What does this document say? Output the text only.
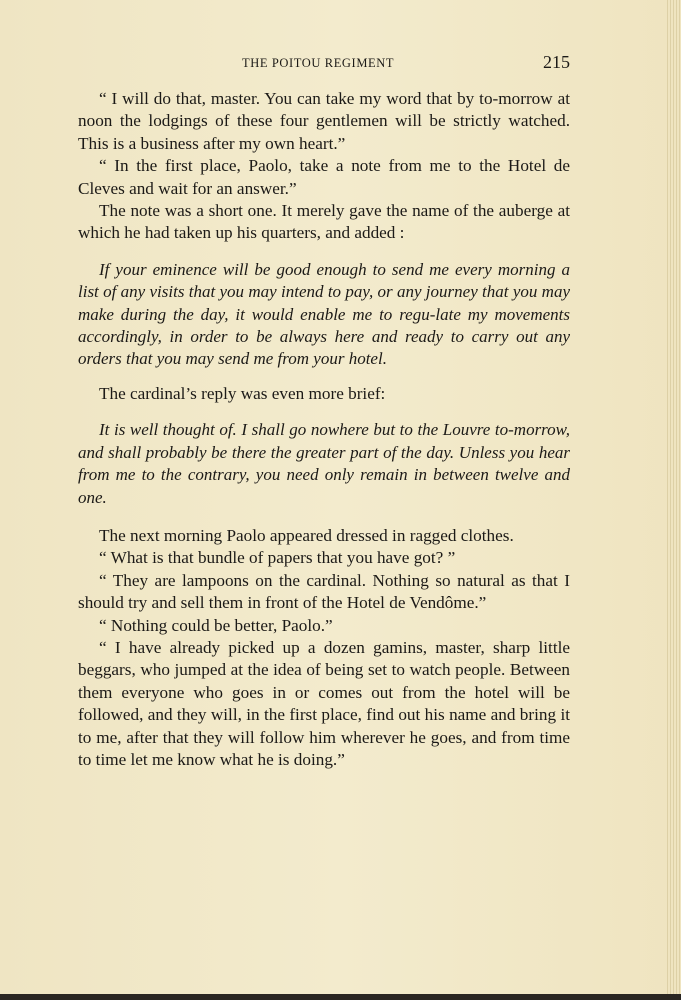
THE POITOU REGIMENT	215

“ I will do that, master. You can take my word that by to-morrow at noon the lodgings of these four gentlemen will be strictly watched. This is a business after my own heart.”

“ In the first place, Paolo, take a note from me to the Hotel de Cleves and wait for an answer.”

The note was a short one. It merely gave the name of the auberge at which he had taken up his quarters, and added :

If your eminence will be good enough to send me every morning a list of any visits that you may intend to pay, or any journey that you may make during the day, it would enable me to regu-late my movements accordingly, in order to be always here and ready to carry out any orders that you may send me from your hotel.

The cardinal’s reply was even more brief:

It is well thought of. I shall go nowhere but to the Louvre to-morrow, and shall probably be there the greater part of the day. Unless you hear from me to the contrary, you need only remain in between twelve and one.

The next morning Paolo appeared dressed in ragged clothes.

“ What is that bundle of papers that you have got? ”

“ They are lampoons on the cardinal. Nothing so natural as that I should try and sell them in front of the Hotel de Vendôme.”

“ Nothing could be better, Paolo.”

“ I have already picked up a dozen gamins, master, sharp little beggars, who jumped at the idea of being set to watch people. Between them everyone who goes in or comes out from the hotel will be followed, and they will, in the first place, find out his name and bring it to me, after that they will follow him wherever he goes, and from time to time let me know what he is doing.”
